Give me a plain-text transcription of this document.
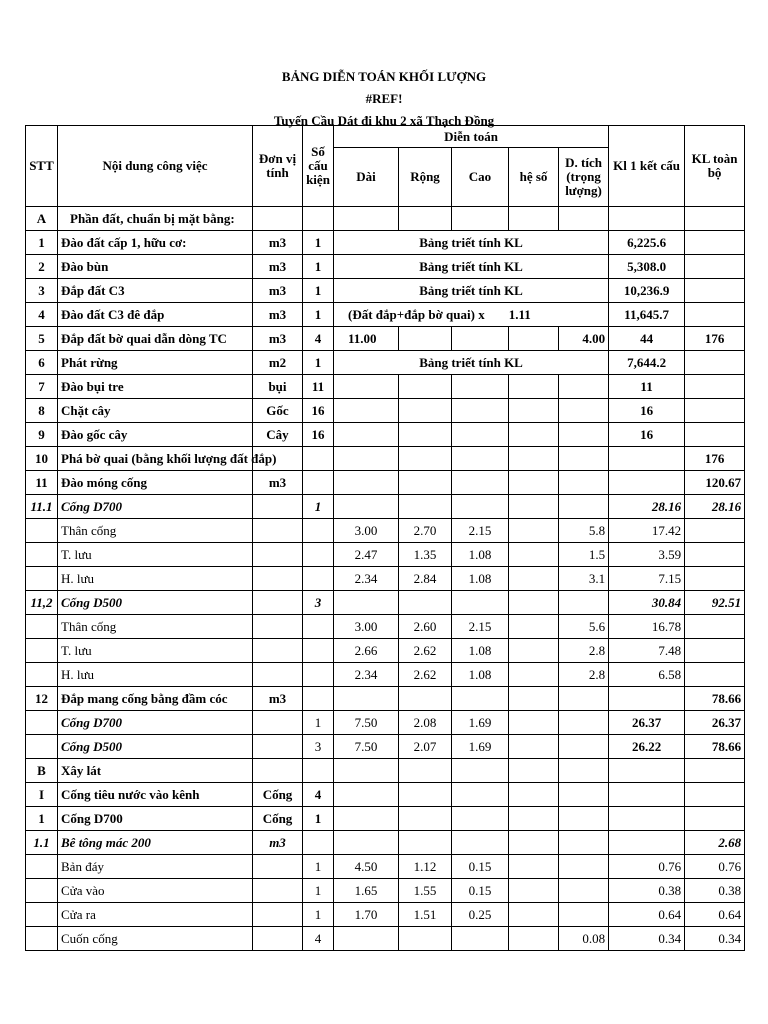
BẢNG DIỄN TOÁN KHỐI LƯỢNG
#REF!
Tuyến Cầu Dát đi khu 2 xã Thạch Đồng
STT	Nội dung công việc	Đơn vị tính	Số cấu kiện	Diễn toán					Kl 1 kết cấu	KL toàn bộ
				Dài	Rộng	Cao	hệ số	D. tích (trọng lượng)		
A	Phần đất, chuẩn bị mặt bằng:									
1	Đào đất cấp 1, hữu cơ:	m3	1	Bảng triết tính KL					6,225.6	
2	Đào bùn	m3	1	Bảng triết tính KL					5,308.0	
3	Đắp đất C3	m3	1	Bảng triết tính KL					10,236.9	
4	Đào đất C3 đê đắp	m3	1	(Đất đắp+đắp bờ quai) x 1.11					11,645.7	
5	Đắp đất bờ quai dẫn dòng TC	m3	4	11.00				4.00	44	176
6	Phát rừng	m2	1	Bảng triết tính KL					7,644.2	
7	Đào bụi tre	bụi	11						11	
8	Chặt cây	Gốc	16						16	
9	Đào gốc cây	Cây	16						16	
10	Phá bờ quai (bằng khối lượng đất đắp)									176
11	Đào móng cống	m3								120.67
11.1	Cống D700		1						28.16	28.16
	Thân cống			3.00	2.70	2.15		5.8	17.42	
	T. lưu			2.47	1.35	1.08		1.5	3.59	
	H. lưu			2.34	2.84	1.08		3.1	7.15	
11,2	Cống D500		3						30.84	92.51
	Thân cống			3.00	2.60	2.15		5.6	16.78	
	T. lưu			2.66	2.62	1.08		2.8	7.48	
	H. lưu			2.34	2.62	1.08		2.8	6.58	
12	Đắp mang cống bằng đầm cóc	m3								78.66
	Cống D700		1	7.50	2.08	1.69			26.37	26.37
	Cống D500		3	7.50	2.07	1.69			26.22	78.66
B	Xây lát									
I	Cống tiêu nước vào kênh	Cống	4							
1	Cống D700	Cống	1							
1.1	Bê tông mác 200	m3								2.68
	Bản đáy		1	4.50	1.12	0.15			0.76	0.76
	Cửa vào		1	1.65	1.55	0.15			0.38	0.38
	Cửa ra		1	1.70	1.51	0.25			0.64	0.64
	Cuốn cống		4					0.08	0.34	0.34
